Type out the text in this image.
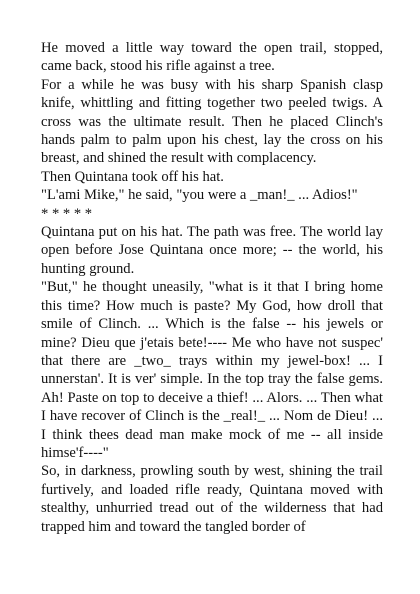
He moved a little way toward the open trail, stopped, came back, stood his rifle against a tree.

For a while he was busy with his sharp Spanish clasp knife, whittling and fitting together two peeled twigs. A cross was the ultimate result. Then he placed Clinch's hands palm to palm upon his chest, lay the cross on his breast, and shined the result with complacency.

Then Quintana took off his hat.

"L'ami Mike," he said, "you were a _man!_ ... Adios!"

* * * * *

Quintana put on his hat. The path was free. The world lay open before Jose Quintana once more; -- the world, his hunting ground.

"But," he thought uneasily, "what is it that I bring home this time? How much is paste? My God, how droll that smile of Clinch. ... Which is the false -- his jewels or mine? Dieu que j'etais bete!---- Me who have not suspec' that there are _two_ trays within my jewel-box! ... I unnerstan'. It is ver' simple. In the top tray the false gems. Ah! Paste on top to deceive a thief! ... Alors. ... Then what I have recover of Clinch is the _real!_ ... Nom de Dieu! ... I think thees dead man make mock of me -- all inside himse'f----"

So, in darkness, prowling south by west, shining the trail furtively, and loaded rifle ready, Quintana moved with stealthy, unhurried tread out of the wilderness that had trapped him and toward the tangled border of
